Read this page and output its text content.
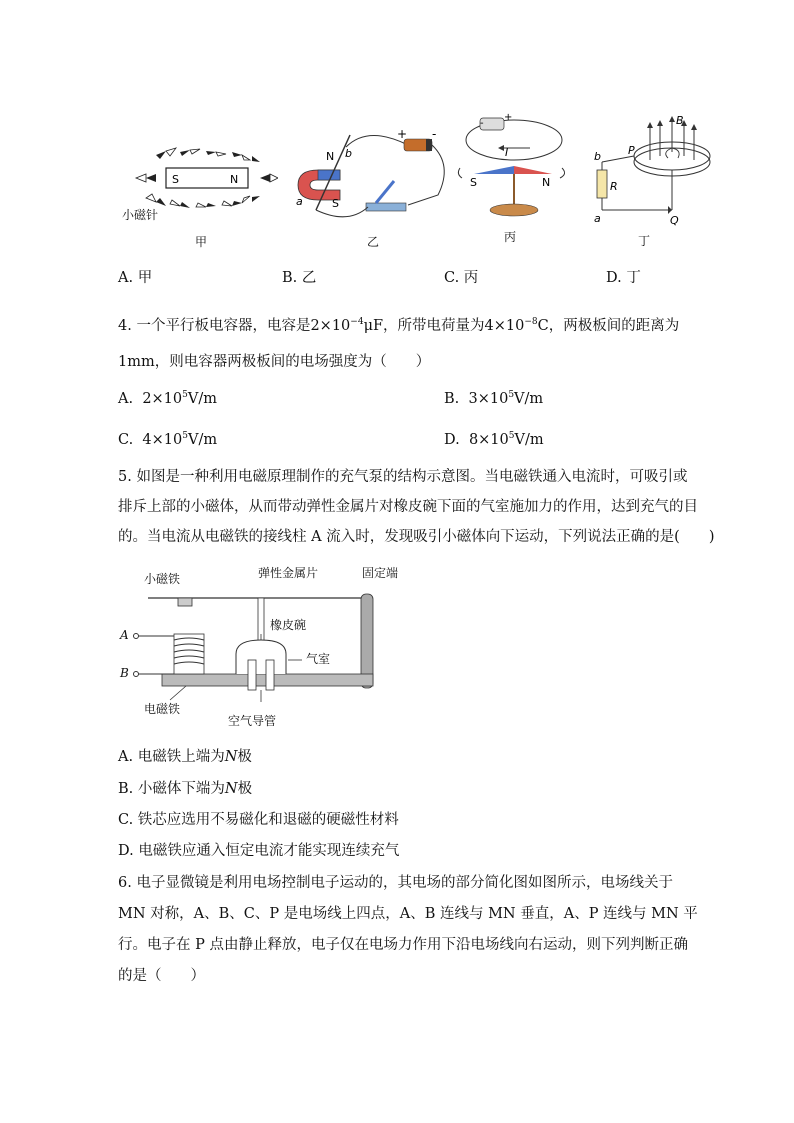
S	N
小磁针
甲
N
S
a
b
+ -
乙
I
S	N
+
-
丙
b
a
P
Q
R
B
丁
A. 甲	B. 乙	C. 丙	D. 丁
4. 一个平行板电容器，电容是$2\times 10^{-4}\mu F$，所带电荷量为$4\times 10^{-8}C$，两极板间的距离为
1mm，则电容器两极板间的电场强度为（　　）
A. $2\times 10^5V/m$	B. $3\times 10^5V/m$
C. $4\times 10^5V/m$	D. $8\times 10^5V/m$
5. 如图是一种利用电磁原理制作的充气泵的结构示意图。当电磁铁通入电流时，可吸引或
排斥上部的小磁体，从而带动弹性金属片对橡皮碗下面的气室施加力的作用，达到充气的目
的。当电流从电磁铁的接线柱 A 流入时，发现吸引小磁体向下运动，下列说法正确的是(　　)
小磁铁	弹性金属片	固定端
橡皮碗
气室
A
B
电磁铁
空气导管
A. 电磁铁上端为N极
B. 小磁体下端为N极
C. 铁芯应选用不易磁化和退磁的硬磁性材料
D. 电磁铁应通入恒定电流才能实现连续充气
6. 电子显微镜是利用电场控制电子运动的，其电场的部分简化图如图所示，电场线关于
MN 对称，A、B、C、P 是电场线上四点，A、B 连线与 MN 垂直，A、P 连线与 MN 平
行。电子在 P 点由静止释放，电子仅在电场力作用下沿电场线向右运动，则下列判断正确
的是（　　）
